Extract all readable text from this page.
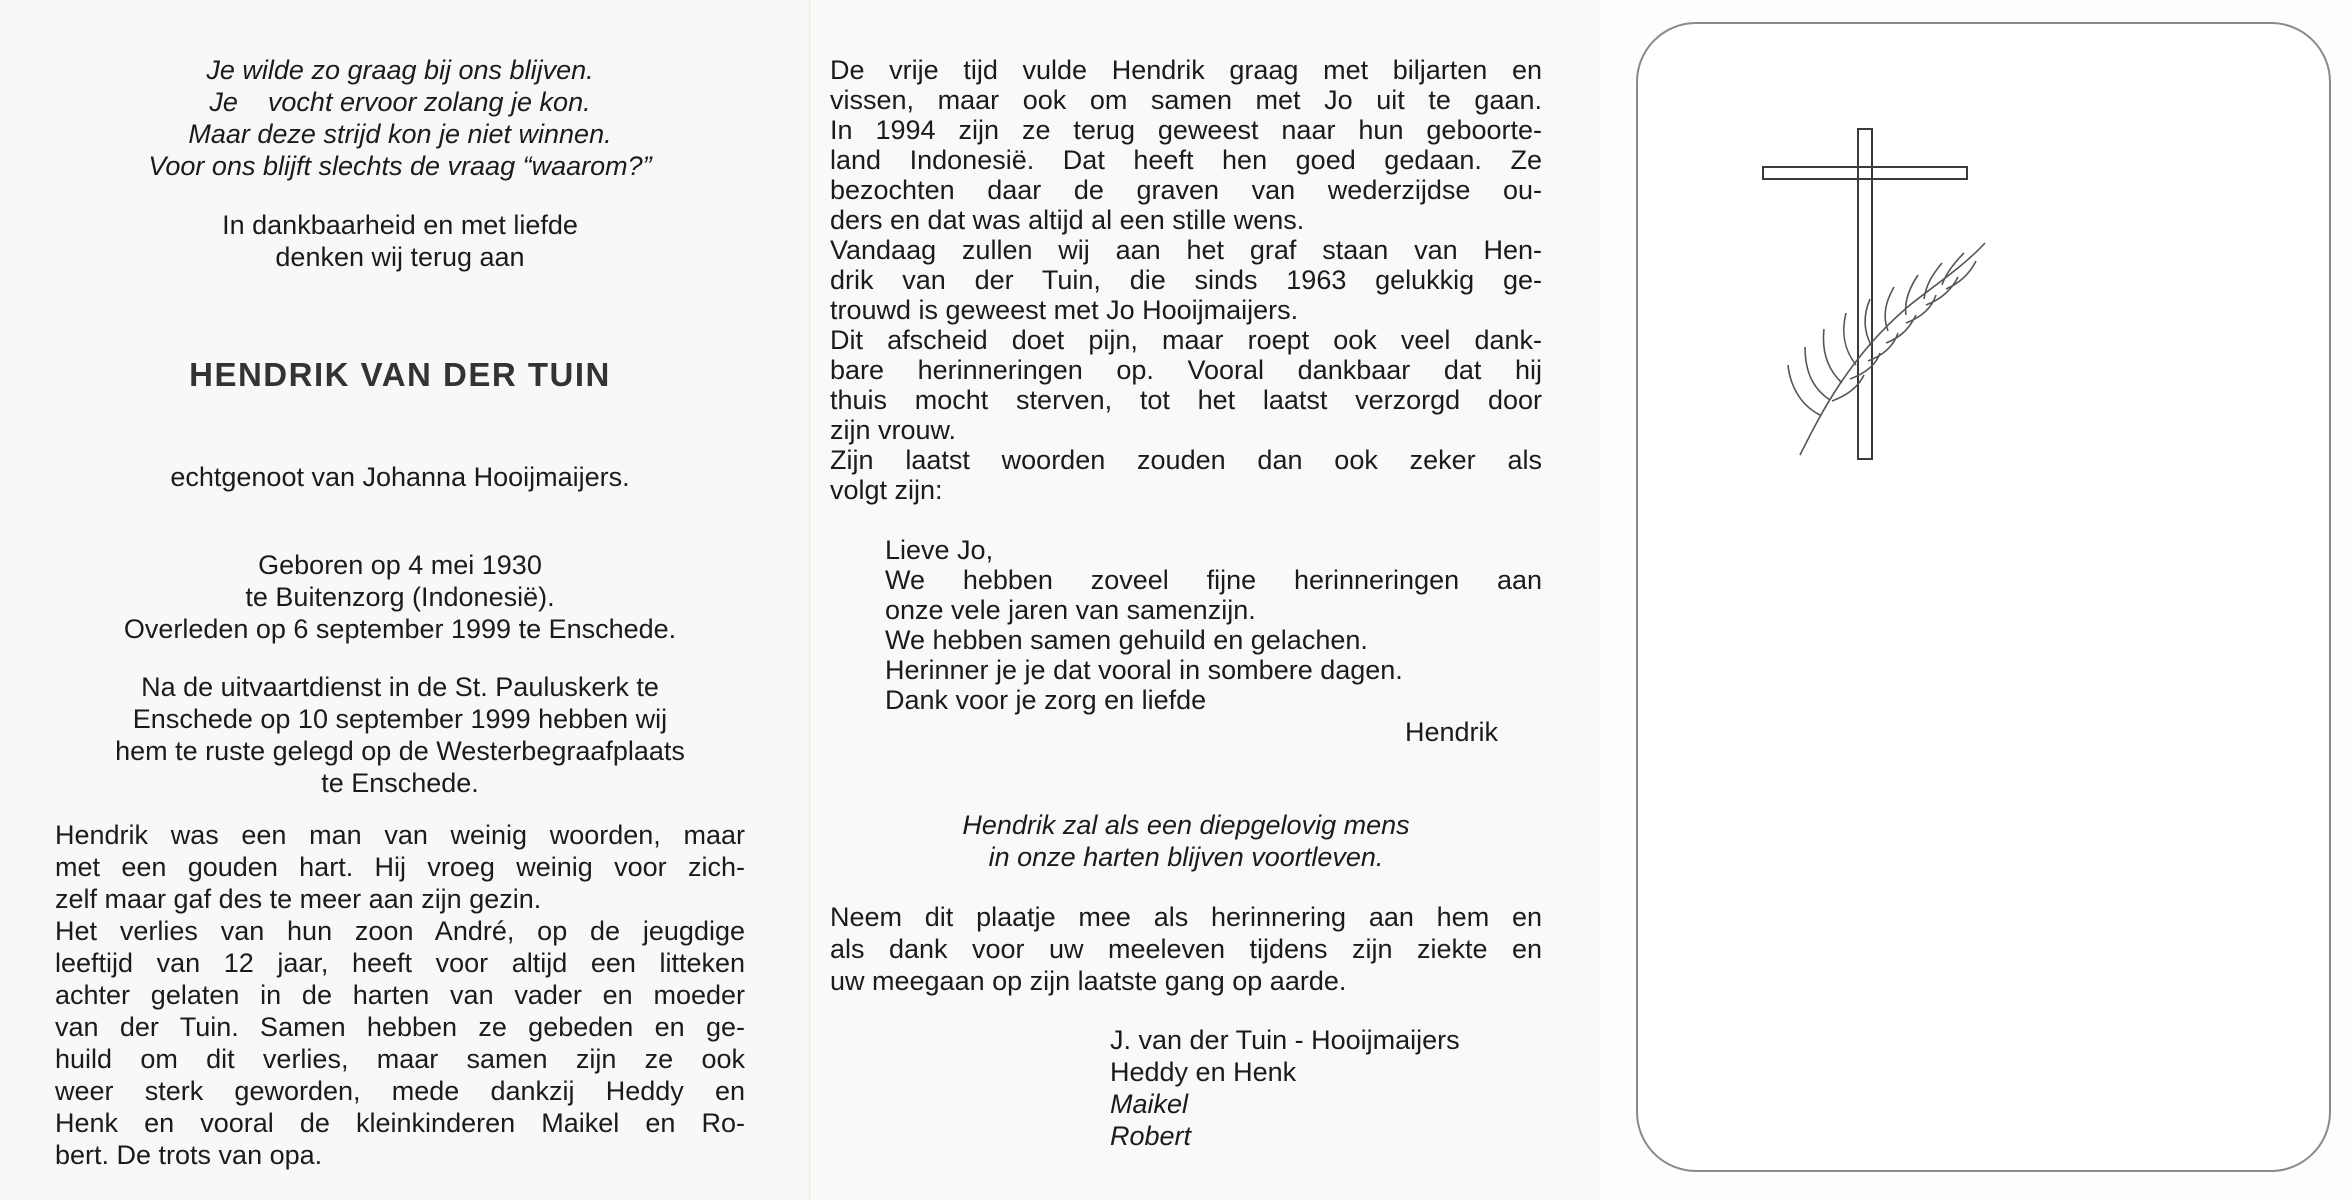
Je wilde zo graag bij ons blijven.
Je    vocht ervoor zolang je kon.
Maar deze strijd kon je niet winnen.
Voor ons blijft slechts de vraag “waarom?”
In dankbaarheid en met liefde
denken wij terug aan
HENDRIK VAN DER TUIN
echtgenoot van Johanna Hooijmaijers.
Geboren op 4 mei 1930
te Buitenzorg (Indonesië).
Overleden op 6 september 1999 te Enschede.
Na de uitvaartdienst in de St. Pauluskerk te
Enschede op 10 september 1999 hebben wij
hem te ruste gelegd op de Westerbegraafplaats
te Enschede.
Hendrik was een man van weinig woorden, maar
met een gouden hart. Hij vroeg weinig voor zich-
zelf maar gaf des te meer aan zijn gezin.
Het verlies van hun zoon André, op de jeugdige
leeftijd van 12 jaar, heeft voor altijd een litteken
achter gelaten in de harten van vader en moeder
van der Tuin. Samen hebben ze gebeden en ge-
huild om dit verlies, maar samen zijn ze ook
weer sterk geworden, mede dankzij Heddy en
Henk en vooral de kleinkinderen Maikel en Ro-
bert. De trots van opa.
De vrije tijd vulde Hendrik graag met biljarten en
vissen, maar ook om samen met Jo uit te gaan.
In 1994 zijn ze terug geweest naar hun geboorte-
land Indonesië. Dat heeft hen goed gedaan. Ze
bezochten daar de graven van wederzijdse ou-
ders en dat was altijd al een stille wens.
Vandaag zullen wij aan het graf staan van Hen-
drik van der Tuin, die sinds 1963 gelukkig ge-
trouwd is geweest met Jo Hooijmaijers.
Dit afscheid doet pijn, maar roept ook veel dank-
bare herinneringen op. Vooral dankbaar dat hij
thuis mocht sterven, tot het laatst verzorgd door
zijn vrouw.
Zijn laatst woorden zouden dan ook zeker als
volgt zijn:
Lieve Jo,
We hebben zoveel fijne herinneringen aan
onze vele jaren van samenzijn.
We hebben samen gehuild en gelachen.
Herinner je je dat vooral in sombere dagen.
Dank voor je zorg en liefde
Hendrik
Hendrik zal als een diepgelovig mens
in onze harten blijven voortleven.
Neem dit plaatje mee als herinnering aan hem en
als dank voor uw meeleven tijdens zijn ziekte en
uw meegaan op zijn laatste gang op aarde.
J. van der Tuin - Hooijmaijers
Heddy en Henk
Maikel
Robert
